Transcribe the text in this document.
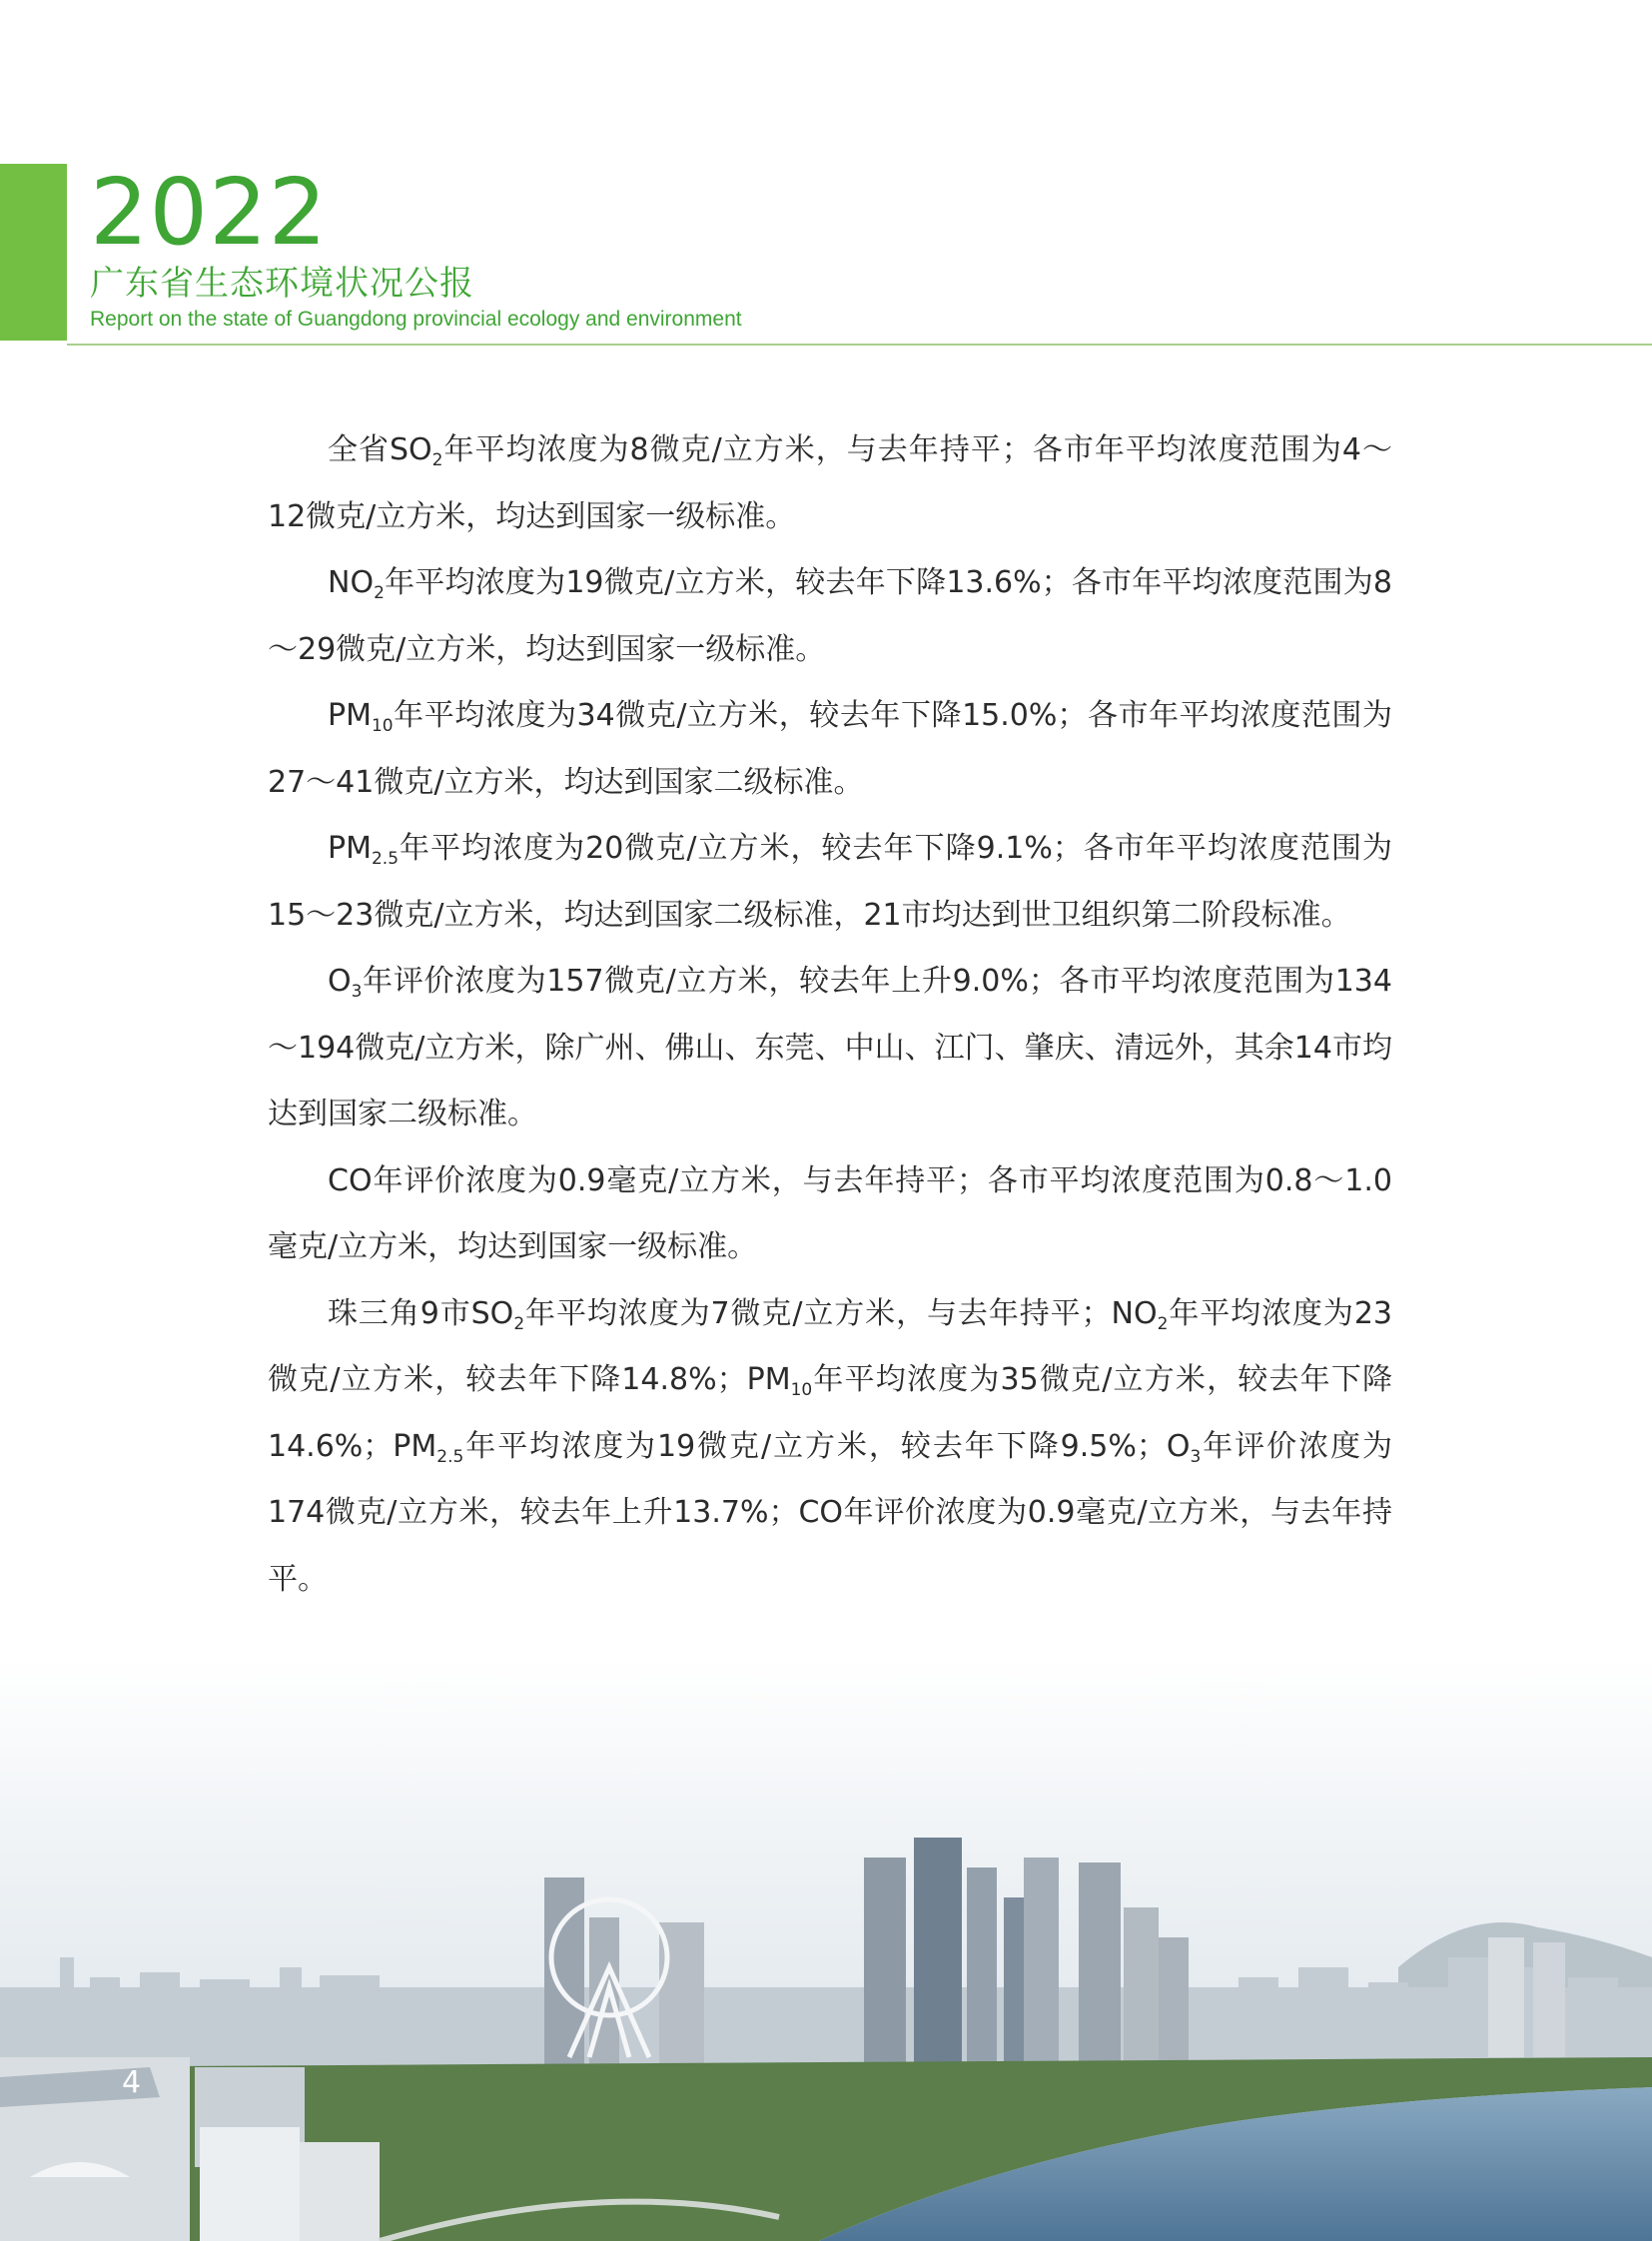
2022
广东省生态环境状况公报
Report on the state of Guangdong provincial ecology and environment

全省$SO_2$年平均浓度为8微克/立方米，与去年持平；各市年平均浓度范围为4～12微克/立方米，均达到国家一级标准。

$NO_2$年平均浓度为19微克/立方米，较去年下降13.6%；各市年平均浓度范围为8～29微克/立方米，均达到国家一级标准。

$PM_{10}$年平均浓度为34微克/立方米，较去年下降15.0%；各市年平均浓度范围为27～41微克/立方米，均达到国家二级标准。

$PM_{2.5}$年平均浓度为20微克/立方米，较去年下降9.1%；各市年平均浓度范围为15～23微克/立方米，均达到国家二级标准，21市均达到世卫组织第二阶段标准。

$O_3$年评价浓度为157微克/立方米，较去年上升9.0%；各市平均浓度范围为134～194微克/立方米，除广州、佛山、东莞、中山、江门、肇庆、清远外，其余14市均达到国家二级标准。

CO年评价浓度为0.9毫克/立方米，与去年持平；各市平均浓度范围为0.8～1.0毫克/立方米，均达到国家一级标准。

珠三角9市$SO_2$年平均浓度为7微克/立方米，与去年持平；$NO_2$年平均浓度为23微克/立方米，较去年下降14.8%；$PM_{10}$年平均浓度为35微克/立方米，较去年下降14.6%；$PM_{2.5}$年平均浓度为19微克/立方米，较去年下降9.5%；$O_3$年评价浓度为174微克/立方米，较去年上升13.7%；CO年评价浓度为0.9毫克/立方米，与去年持平。

4
